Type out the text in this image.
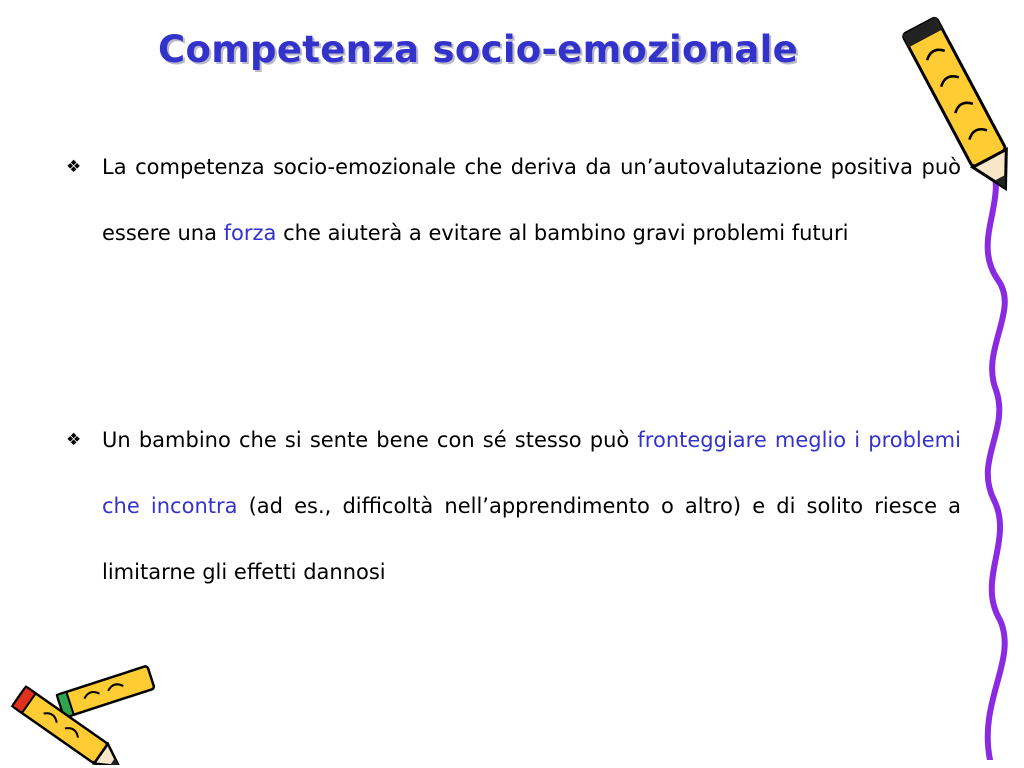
Competenza socio-emozionale
❖ La competenza socio-emozionale che deriva da un’autovalutazione positiva può essere una forza che aiuterà a evitare al bambino gravi problemi futuri
❖ Un bambino che si sente bene con sé stesso può fronteggiare meglio i problemi che incontra (ad es., difficoltà nell’apprendimento o altro) e di solito riesce a limitarne gli effetti dannosi
